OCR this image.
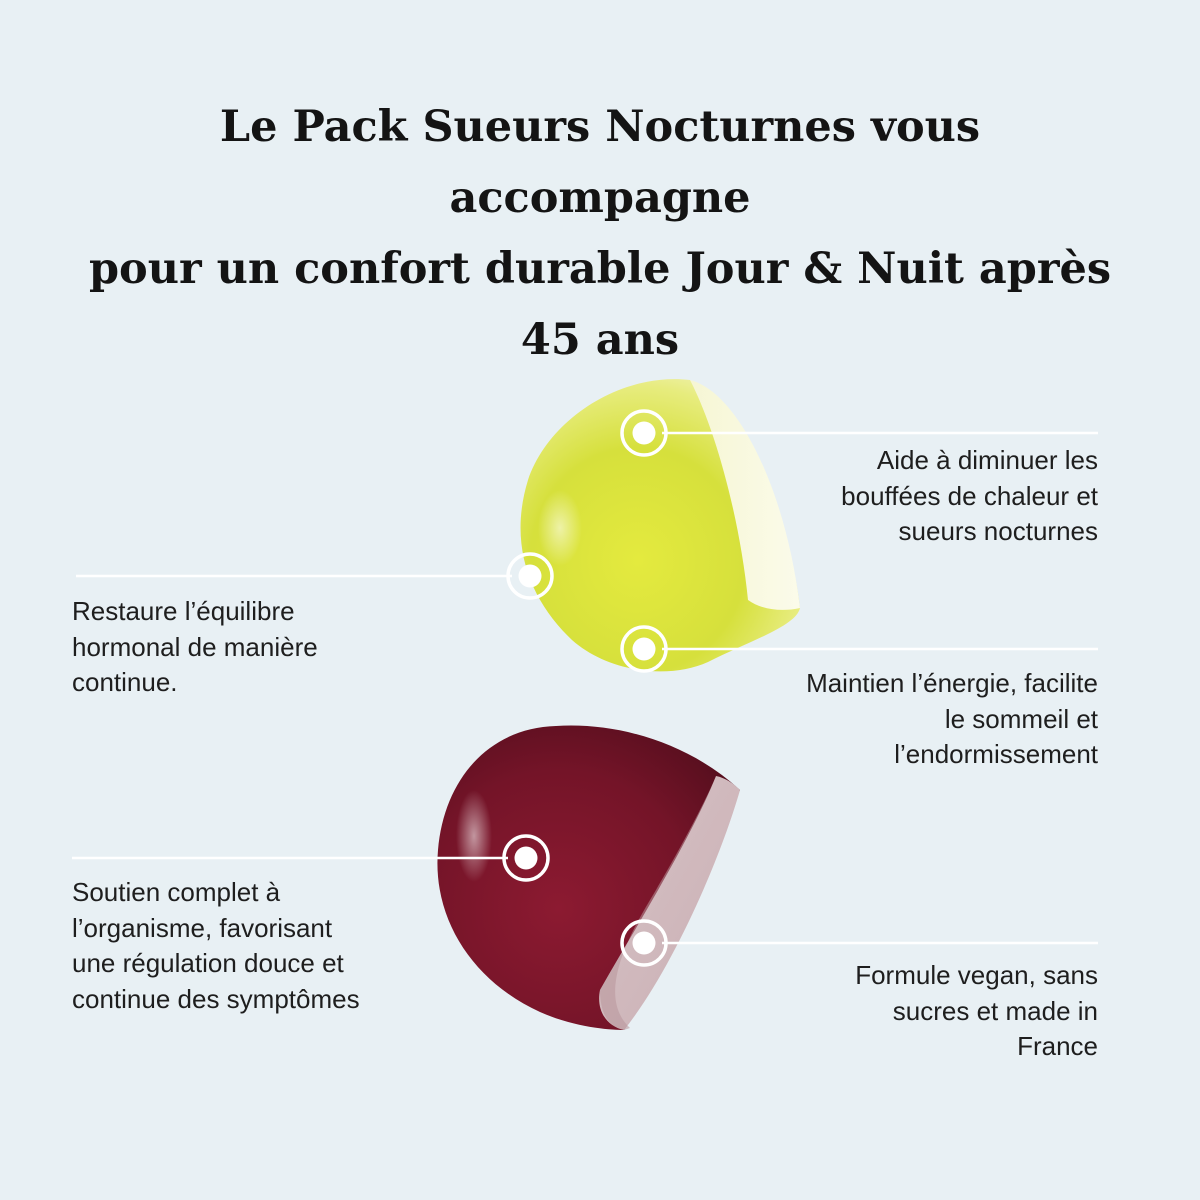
Le Pack Sueurs Nocturnes vous accompagne
pour un confort durable Jour & Nuit après
45 ans

Aide à diminuer les
bouffées de chaleur et
sueurs nocturnes

Restaure l’équilibre
hormonal de manière
continue.	Maintien l’énergie, facilite
le sommeil et
l’endormissement

Soutien complet à
l’organisme, favorisant
une régulation douce et
continue des symptômes

Formule vegan, sans
sucres et made in
France
